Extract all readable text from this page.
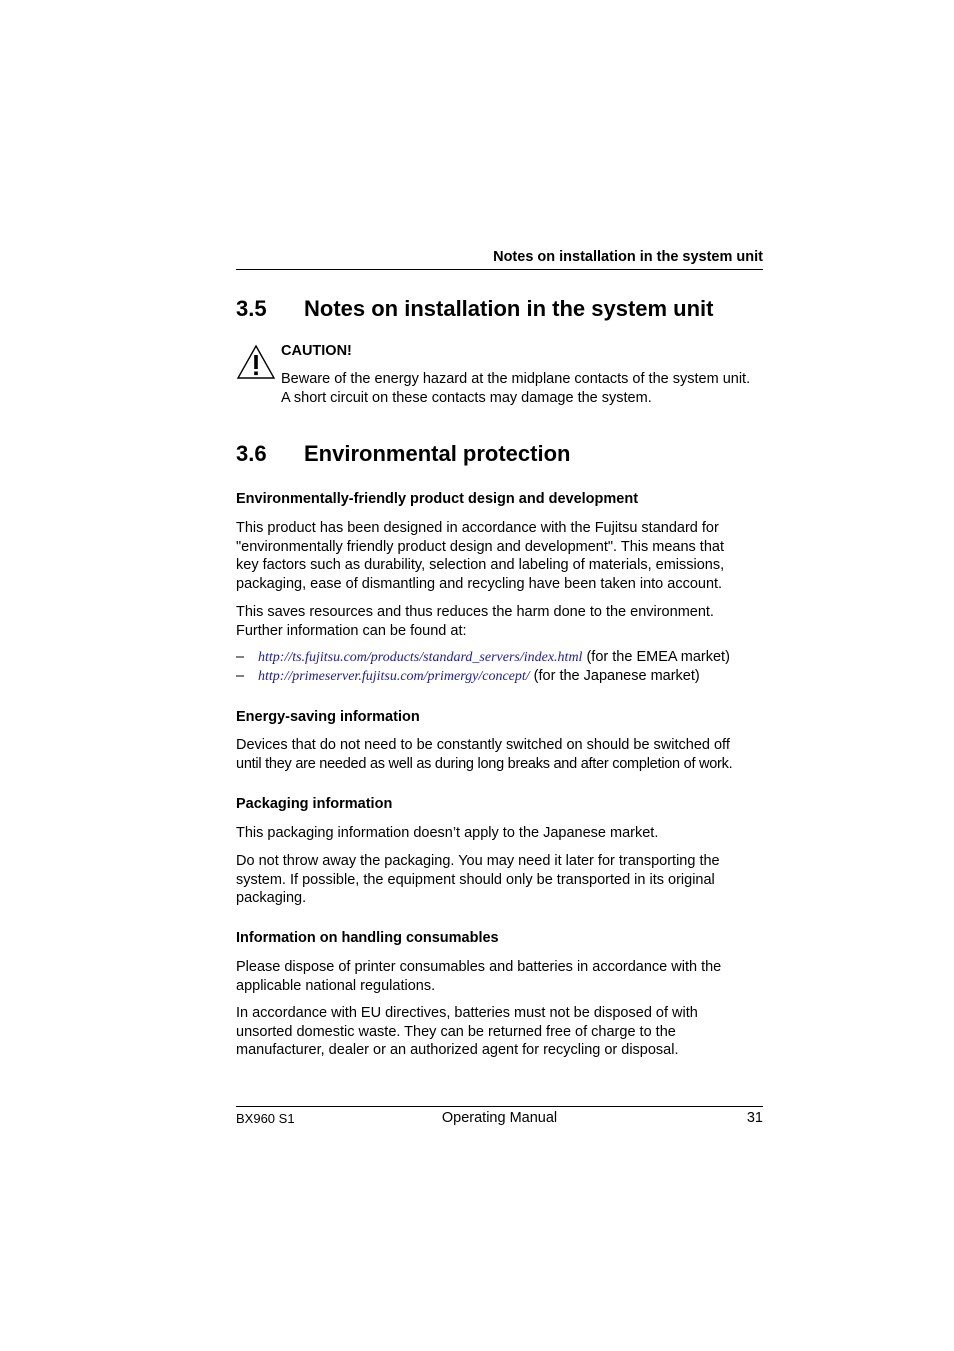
Notes on installation in the system unit
3.5 Notes on installation in the system unit
CAUTION!
Beware of the energy hazard at the midplane contacts of the system unit.
A short circuit on these contacts may damage the system.
3.6 Environmental protection
Environmentally-friendly product design and development
This product has been designed in accordance with the Fujitsu standard for
"environmentally friendly product design and development". This means that
key factors such as durability, selection and labeling of materials, emissions,
packaging, ease of dismantling and recycling have been taken into account.
This saves resources and thus reduces the harm done to the environment.
Further information can be found at:
– http://ts.fujitsu.com/products/standard_servers/index.html (for the EMEA market)
– http://primeserver.fujitsu.com/primergy/concept/ (for the Japanese market)
Energy-saving information
Devices that do not need to be constantly switched on should be switched off
until they are needed as well as during long breaks and after completion of work.
Packaging information
This packaging information doesn’t apply to the Japanese market.
Do not throw away the packaging. You may need it later for transporting the
system. If possible, the equipment should only be transported in its original
packaging.
Information on handling consumables
Please dispose of printer consumables and batteries in accordance with the
applicable national regulations.
In accordance with EU directives, batteries must not be disposed of with
unsorted domestic waste. They can be returned free of charge to the
manufacturer, dealer or an authorized agent for recycling or disposal.
BX960 S1	Operating Manual	31
